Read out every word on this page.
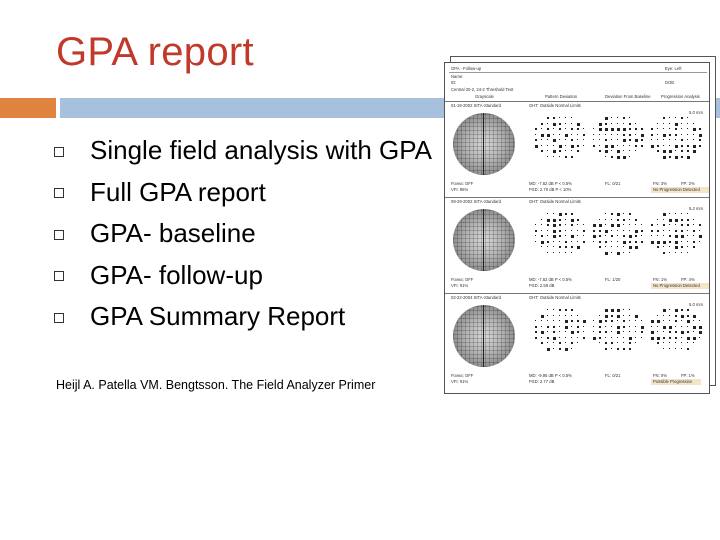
GPA report
Single field analysis with GPA
Full GPA report
GPA- baseline
GPA- follow-up
GPA Summary Report
Heijl A. Patella VM. Bengtsson. The Field Analyzer Primer
GPA - Follow-up	Eye: Left
Name:
ID:	DOB
Central 30-2, 24-2 Threshold Test
Grayscale	Pattern Deviation	Deviation From Baseline Progression Analysis
01-18-2002 SITA-Standard	GHT: Outside Normal Limits
5.0 mm
Fovea: OFF
VFI: 95%
MD: -7.62 dB P < 0.5%
PSD: 2.70 dB P < 10%
FL: 0/21	FN: 3%	FP: 2%
No Progression Detected
08-29-2002 SITA-Standard	GHT: Outside Normal Limits
5.2 mm
Fovea: OFF
VFI: 91%
MD: -7.62 dB P < 0.5%
PSD: 2.59 dB
FL: 1/20	FN: 1%	FP: 4%
No Progression Detected
02-22-2004 SITA-Standard	GHT: Outside Normal Limits
5.0 mm
Fovea: OFF
VFI: 91%
MD: -9.95 dB P < 0.5%
PSD: 2.77 dB
FL: 0/21	FN: 0%	FP: 1%
Possible Progression
